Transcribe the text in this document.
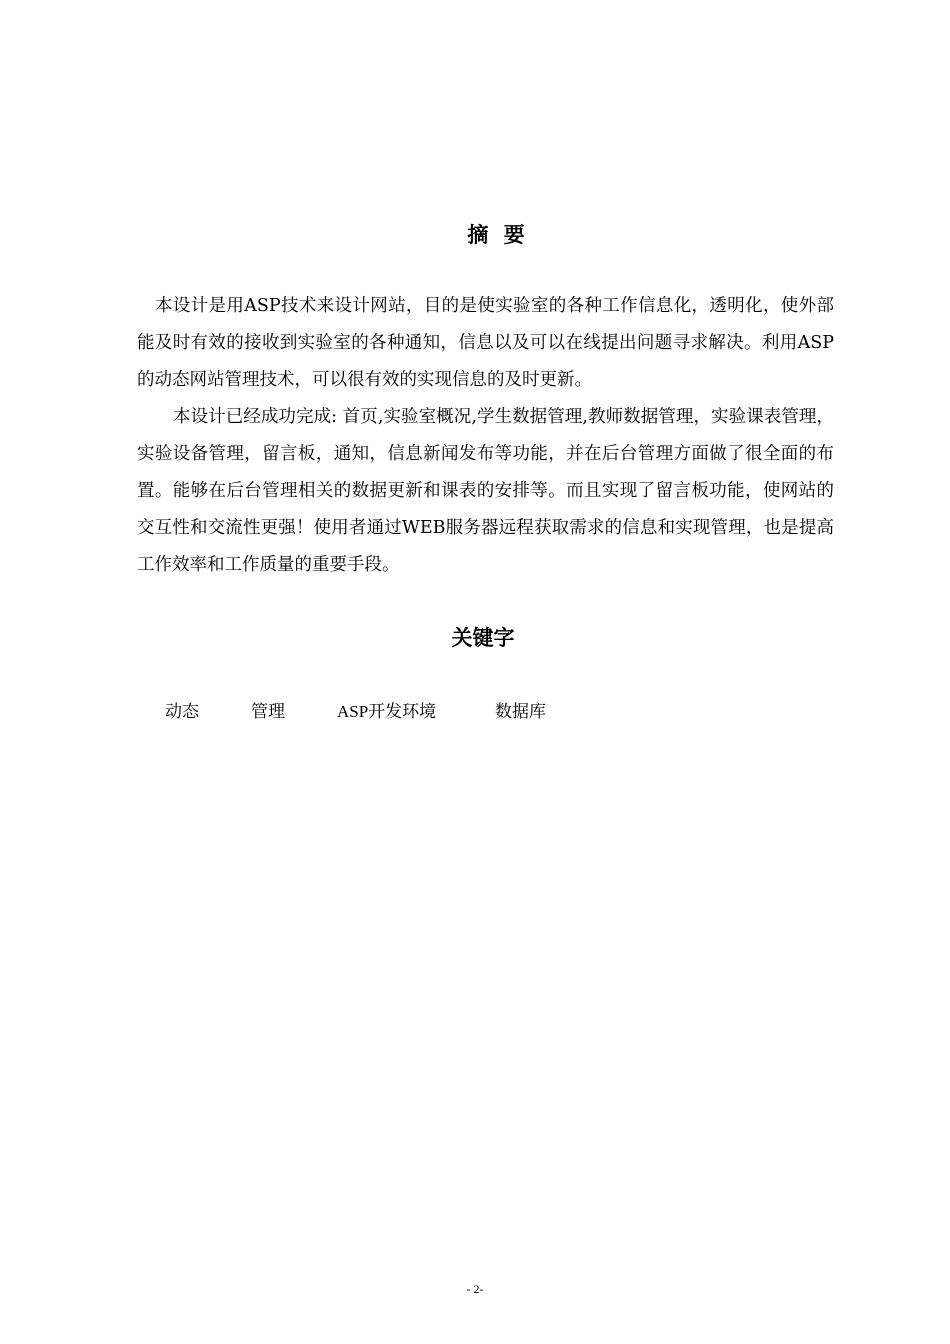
摘 要

本设计是用ASP技术来设计网站，目的是使实验室的各种工作信息化，透明化，使外部能及时有效的接收到实验室的各种通知，信息以及可以在线提出问题寻求解决。利用ASP的动态网站管理技术，可以很有效的实现信息的及时更新。

本设计已经成功完成: 首页,实验室概况,学生数据管理,教师数据管理，实验课表管理，实验设备管理，留言板，通知，信息新闻发布等功能，并在后台管理方面做了很全面的布置。能够在后台管理相关的数据更新和课表的安排等。而且实现了留言板功能，使网站的交互性和交流性更强！使用者通过WEB服务器远程获取需求的信息和实现管理，也是提高工作效率和工作质量的重要手段。

关键字
动态	管理	ASP开发环境	数据库
- 2-
